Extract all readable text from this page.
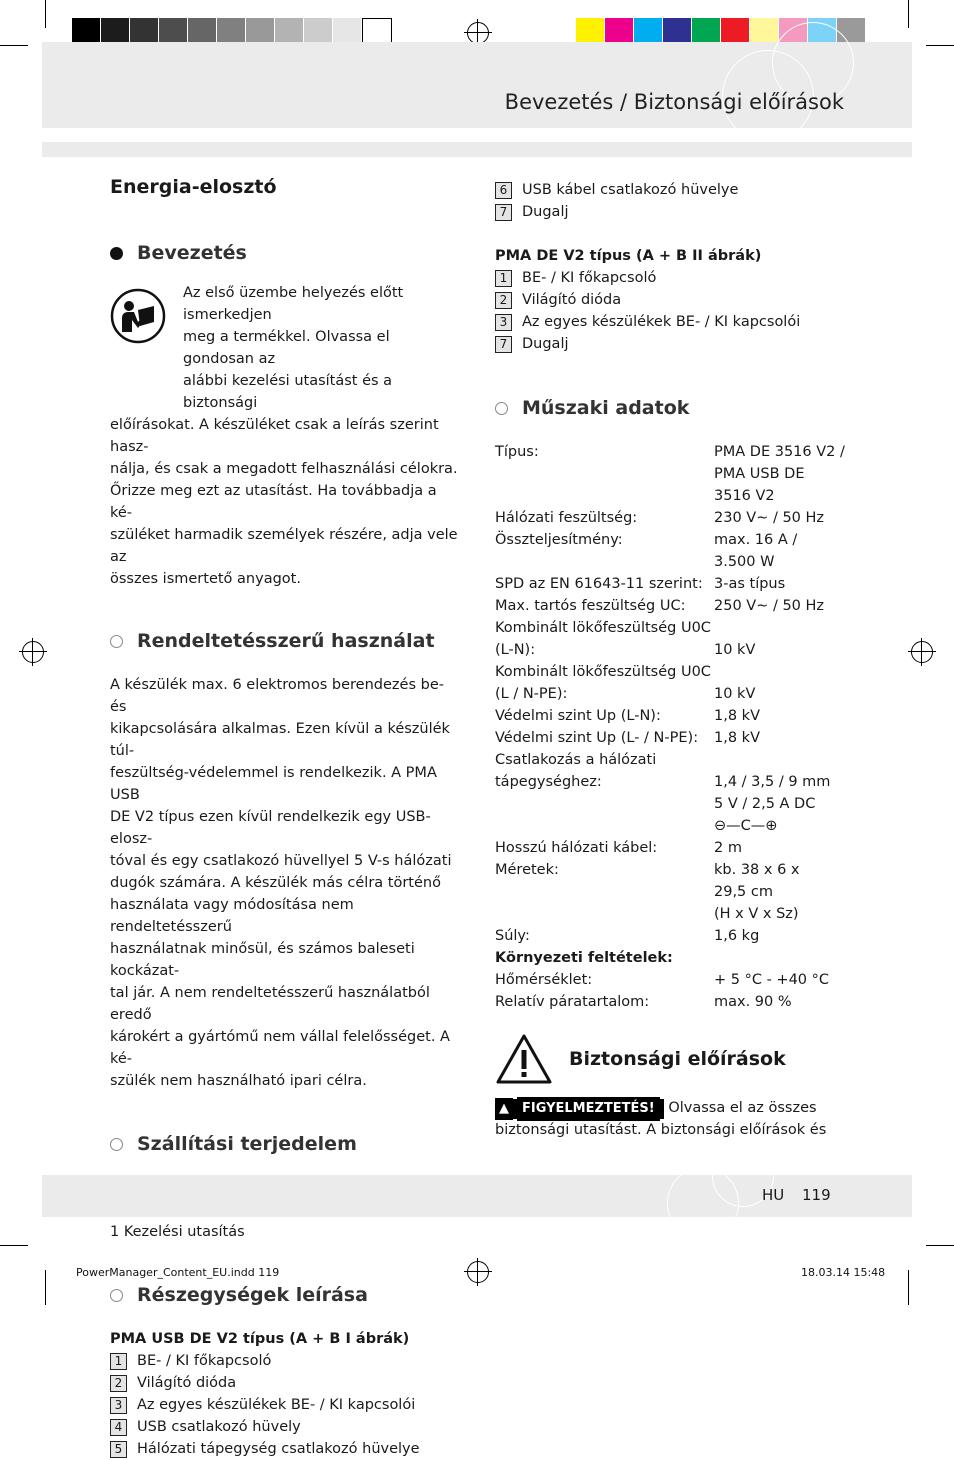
Bevezetés / Biztonsági előírások

Energia-elosztó

Bevezetés

Az első üzembe helyezés előtt ismerkedjen

meg a termékkel. Olvassa el gondosan az

alábbi kezelési utasítást és a biztonsági

előírásokat. A készüléket csak a leírás szerint hasz-

nálja, és csak a megadott felhasználási célokra.

Őrizze meg ezt az utasítást. Ha továbbadja a ké-

szüléket harmadik személyek részére, adja vele az

összes ismertető anyagot.

Rendeltetésszerű használat

A készülék max. 6 elektromos berendezés be- és

kikapcsolására alkalmas. Ezen kívül a készülék túl-

feszültség-védelemmel is rendelkezik. A PMA USB

DE V2 típus ezen kívül rendelkezik egy USB-elosz-

tóval és egy csatlakozó hüvellyel 5 V-s hálózati

dugók számára. A készülék más célra történő

használata vagy módosítása nem rendeltetésszerű

használatnak minősül, és számos baleseti kockázat-

tal jár. A nem rendeltetésszerű használatból eredő

károkért a gyártómű nem vállal felelősséget. A ké-

szülék nem használható ipari célra.

Szállítási terjedelem

1 Kezelési utasítás

Részegységek leírása

PMA USB DE V2 típus (A + B I ábrák)

1	BE- / KI főkapcsoló
2	Világító dióda
3	Az egyes készülékek BE- / KI kapcsolói
4	USB csatlakozó hüvely
5	Hálózati tápegység csatlakozó hüvelye
6	USB kábel csatlakozó hüvelye
7	Dugalj

PMA DE V2 típus (A + B II ábrák)

1	BE- / KI főkapcsoló
2	Világító dióda
3	Az egyes készülékek BE- / KI kapcsolói
7	Dugalj
Műszaki adatok
Típus:	PMA DE 3516 V2 /
PMA USB DE
3516 V2
Hálózati feszültség:	230 V∼ / 50 Hz
Összteljesítmény:	max. 16 A /
3.500 W
SPD az EN 61643-11 szerint: 3-as típus
Max. tartós feszültség UC:	250 V∼ / 50 Hz
Kombinált lökőfeszültség U0C
(L-N):	10 kV
Kombinált lökőfeszültség U0C
(L / N-PE):	10 kV
Védelmi szint Up (L-N):	1,8 kV
Védelmi szint Up (L- / N-PE):	1,8 kV
Csatlakozás a hálózati
tápegységhez:	1,4 / 3,5 / 9 mm
5 V / 2,5 A DC
⊖—C—⊕
Hosszú hálózati kábel:	2 m
Méretek:	kb. 38 x 6 x
29,5 cm
(H x V x Sz)
Súly:	1,6 kg

Környezeti feltételek:

Hőmérséklet:	+ 5 °C - +40 °C
Relatív páratartalom:	max. 90 %
Biztonsági előírások

▲	FIGYELMEZTETÉS! Olvassa el az összes

biztonsági utasítást. A biztonsági előírások és

HU 119
PowerManager_Content_EU.indd 119	18.03.14 15:48
